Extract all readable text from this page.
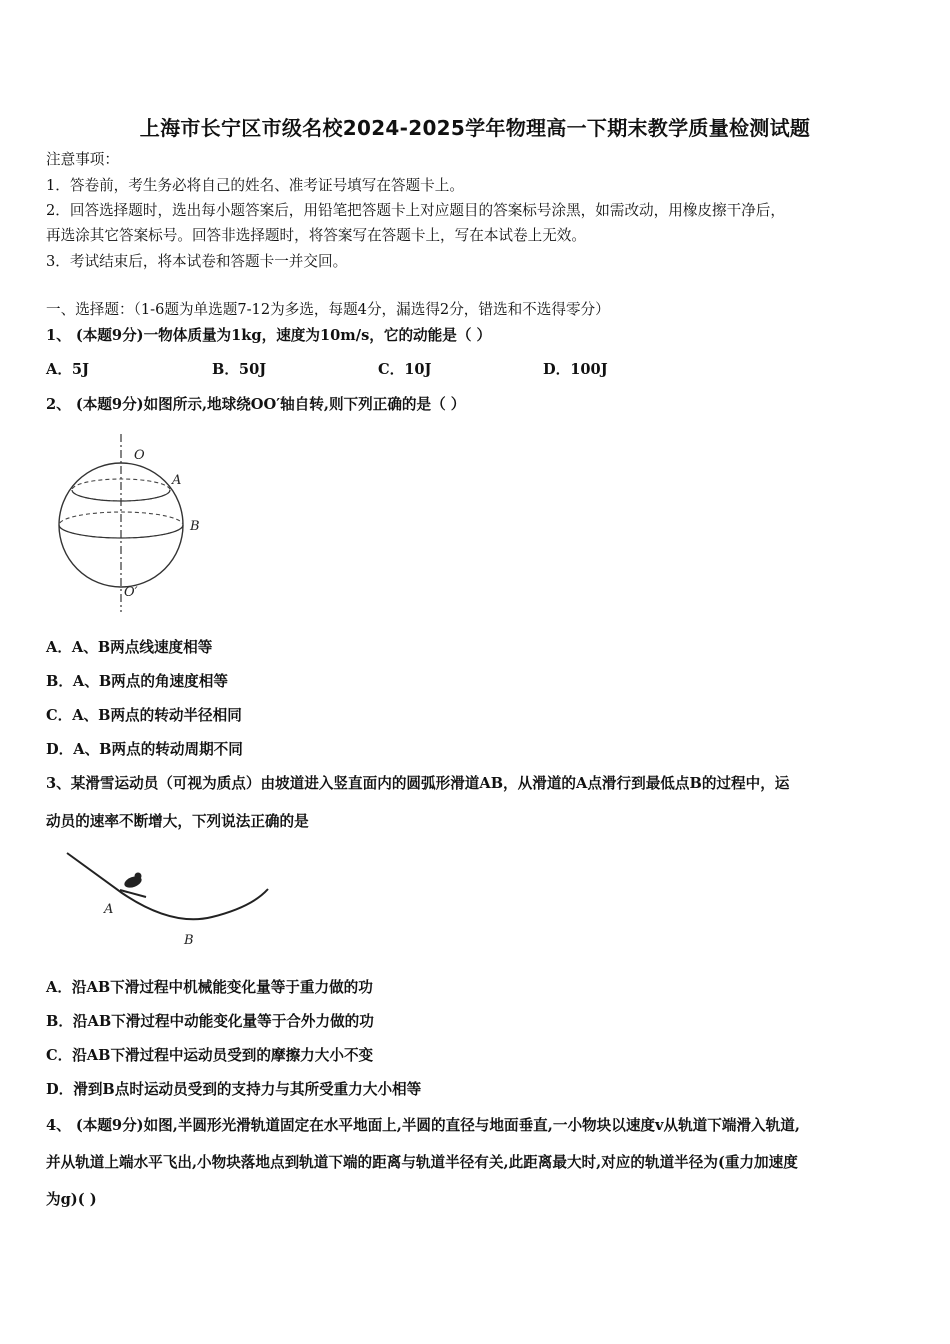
上海市长宁区市级名校2024-2025学年物理高一下期末教学质量检测试题
注意事项：
1．答卷前，考生务必将自己的姓名、准考证号填写在答题卡上。
2．回答选择题时，选出每小题答案后，用铅笔把答题卡上对应题目的答案标号涂黑，如需改动，用橡皮擦干净后，
再选涂其它答案标号。回答非选择题时，将答案写在答题卡上，写在本试卷上无效。
3．考试结束后，将本试卷和答题卡一并交回。
一、选择题：（1-6题为单选题7-12为多选，每题4分，漏选得2分，错选和不选得零分）
1、 (本题9分)一物体质量为1kg，速度为10m/s，它的动能是（ ）
A．5J	B．50J	C．10J	D．100J
2、 (本题9分)如图所示,地球绕OO′轴自转,则下列正确的是（ ）
O
A
B
O′
A．A、B两点线速度相等
B．A、B两点的角速度相等
C．A、B两点的转动半径相同
D．A、B两点的转动周期不同
3、某滑雪运动员（可视为质点）由坡道进入竖直面内的圆弧形滑道AB，从滑道的A点滑行到最低点B的过程中，运
动员的速率不断增大，下列说法正确的是
A
B
A．沿AB下滑过程中机械能变化量等于重力做的功
B．沿AB下滑过程中动能变化量等于合外力做的功
C．沿AB下滑过程中运动员受到的摩擦力大小不变
D．滑到B点时运动员受到的支持力与其所受重力大小相等
4、 (本题9分)如图,半圆形光滑轨道固定在水平地面上,半圆的直径与地面垂直,一小物块以速度v从轨道下端滑入轨道,
并从轨道上端水平飞出,小物块落地点到轨道下端的距离与轨道半径有关,此距离最大时,对应的轨道半径为(重力加速度
为g)( )
